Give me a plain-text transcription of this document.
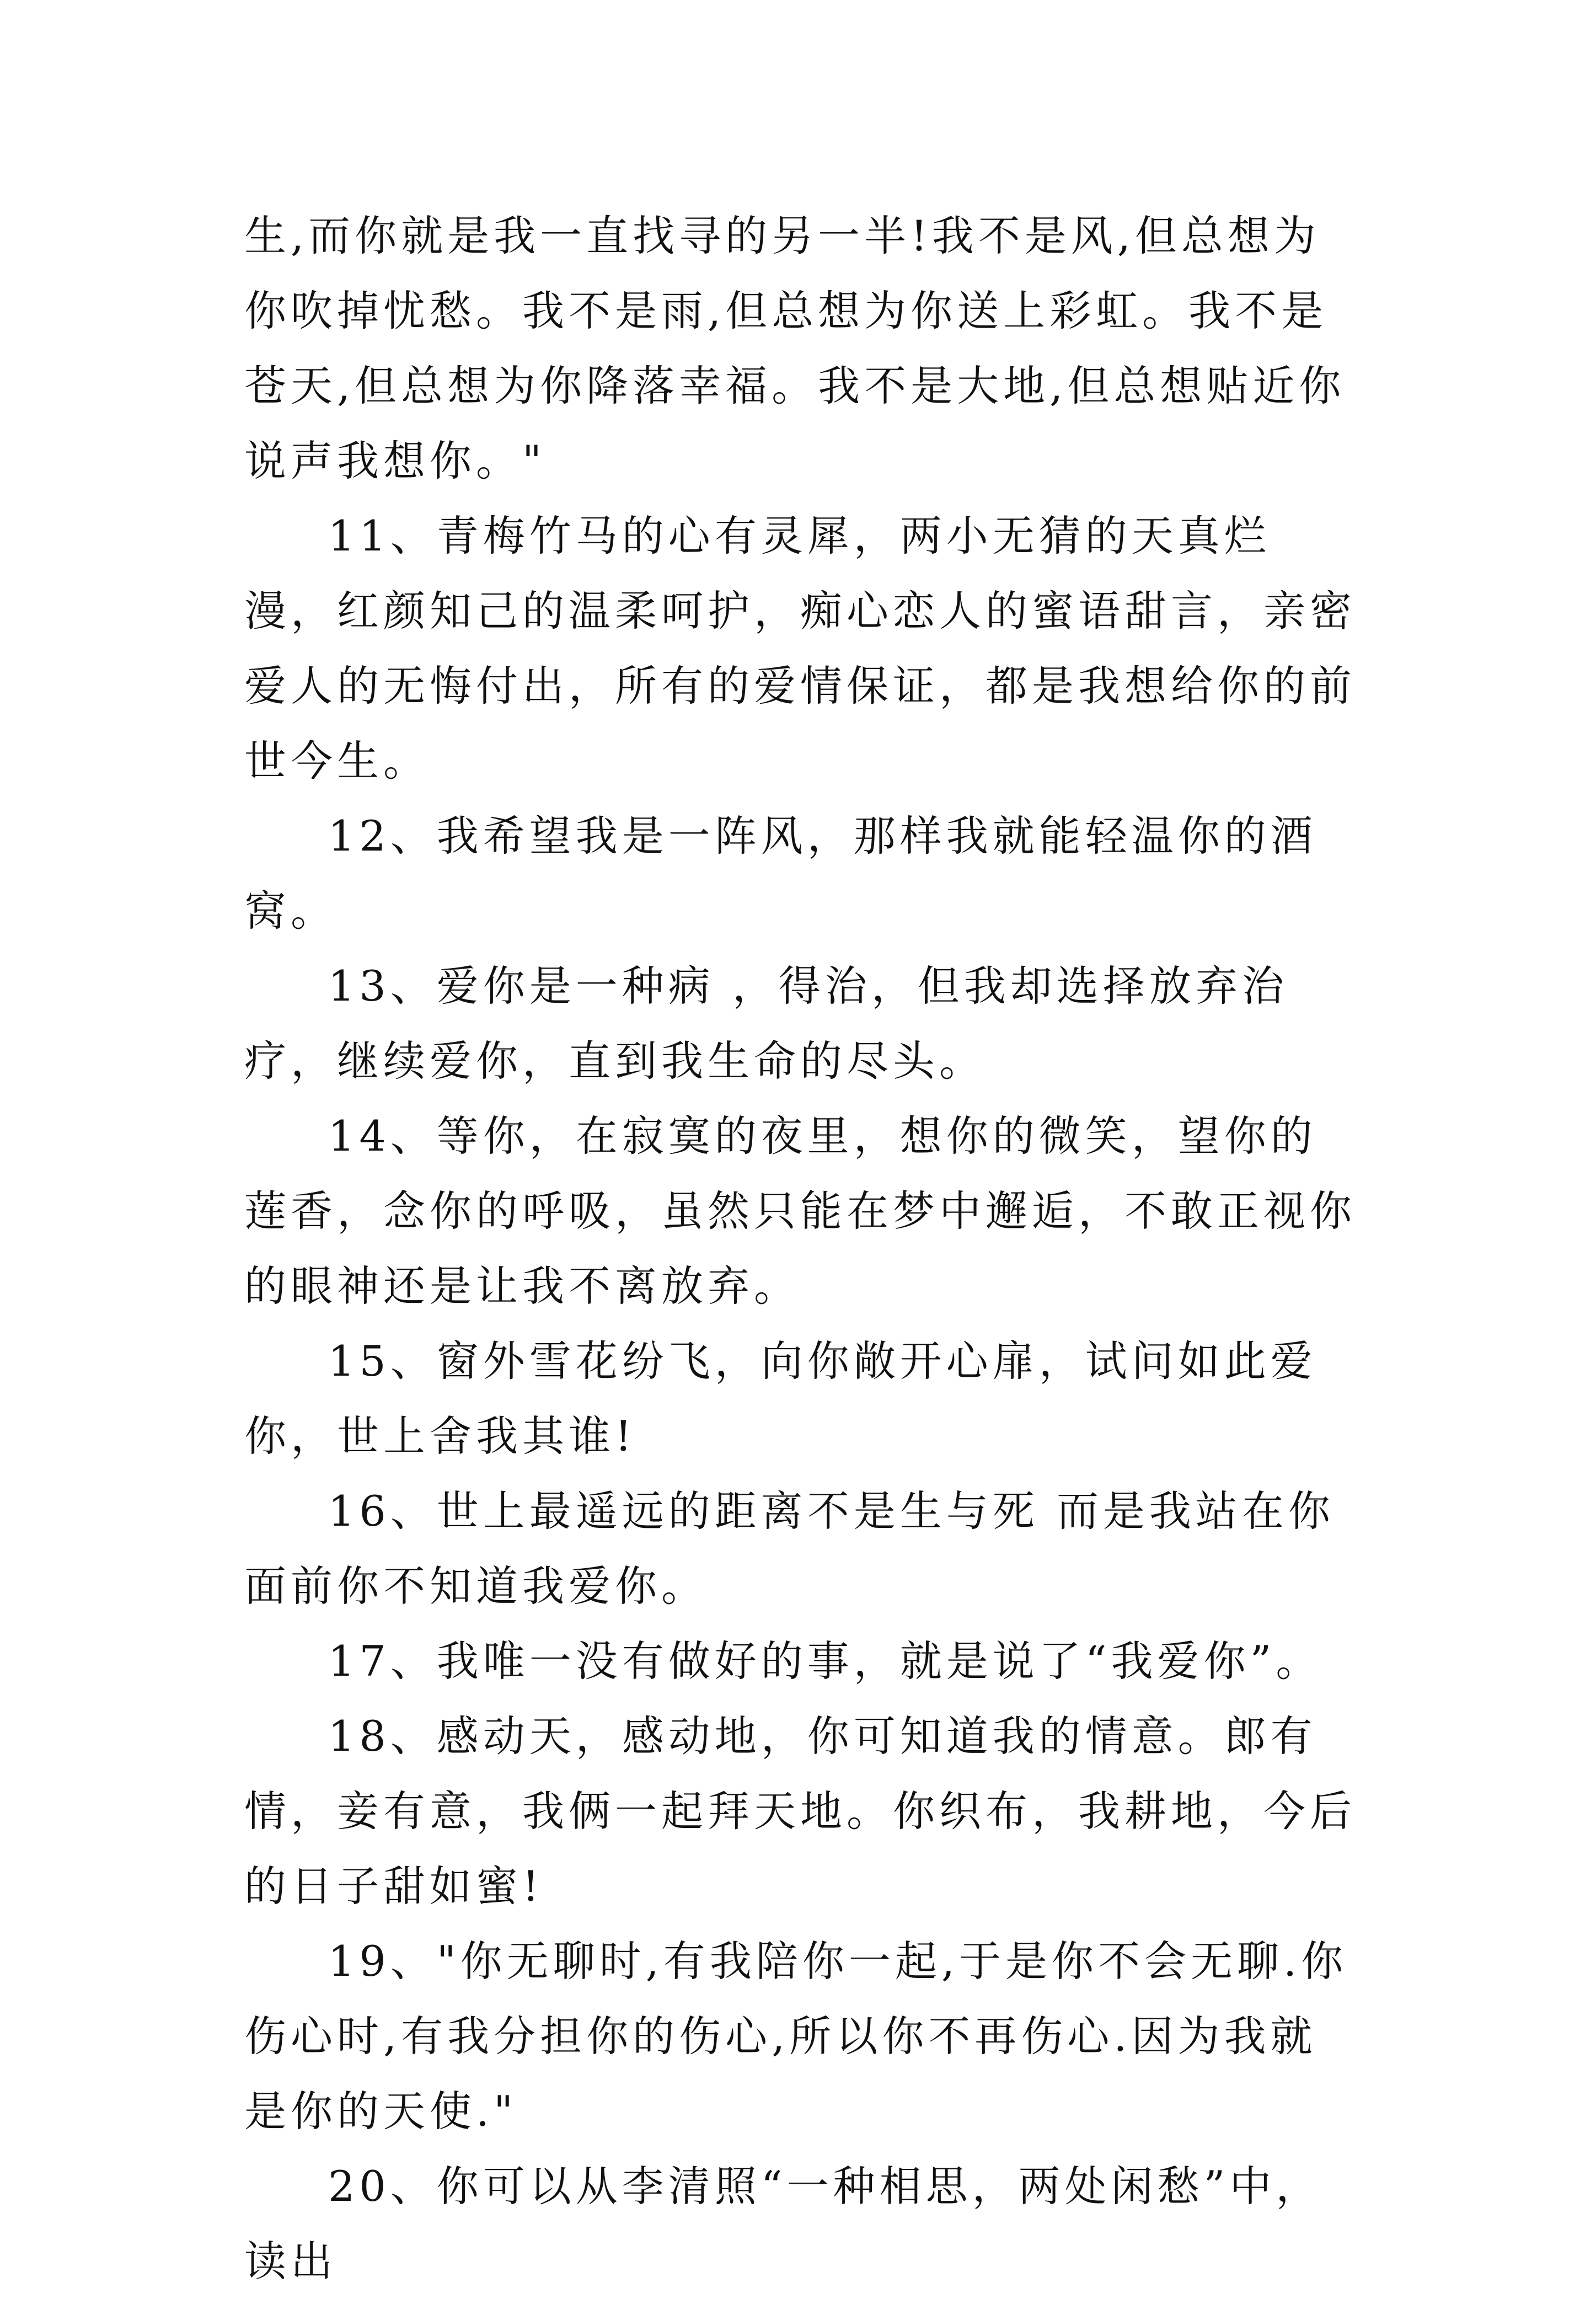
生,而你就是我一直找寻的另一半!我不是风,但总想为你吹掉忧愁。我不是雨,但总想为你送上彩虹。我不是苍天,但总想为你降落幸福。我不是大地,但总想贴近你说声我想你。"

11、青梅竹马的心有灵犀，两小无猜的天真烂漫，红颜知己的温柔呵护，痴心恋人的蜜语甜言，亲密爱人的无悔付出，所有的爱情保证，都是我想给你的前世今生。

12、我希望我是一阵风，那样我就能轻温你的酒窝。

13、爱你是一种病 ，得治，但我却选择放弃治疗，继续爱你，直到我生命的尽头。

14、等你，在寂寞的夜里，想你的微笑，望你的莲香，念你的呼吸，虽然只能在梦中邂逅，不敢正视你的眼神还是让我不离放弃。

15、窗外雪花纷飞，向你敞开心扉，试问如此爱你，世上舍我其谁!

16、世上最遥远的距离不是生与死 而是我站在你面前你不知道我爱你。

17、我唯一没有做好的事，就是说了“我爱你”。

18、感动天，感动地，你可知道我的情意。郎有情，妾有意，我俩一起拜天地。你织布，我耕地，今后的日子甜如蜜!

19、"你无聊时,有我陪你一起,于是你不会无聊.你伤心时,有我分担你的伤心,所以你不再伤心.因为我就是你的天使."

20、你可以从李清照“一种相思，两处闲愁”中，读出
